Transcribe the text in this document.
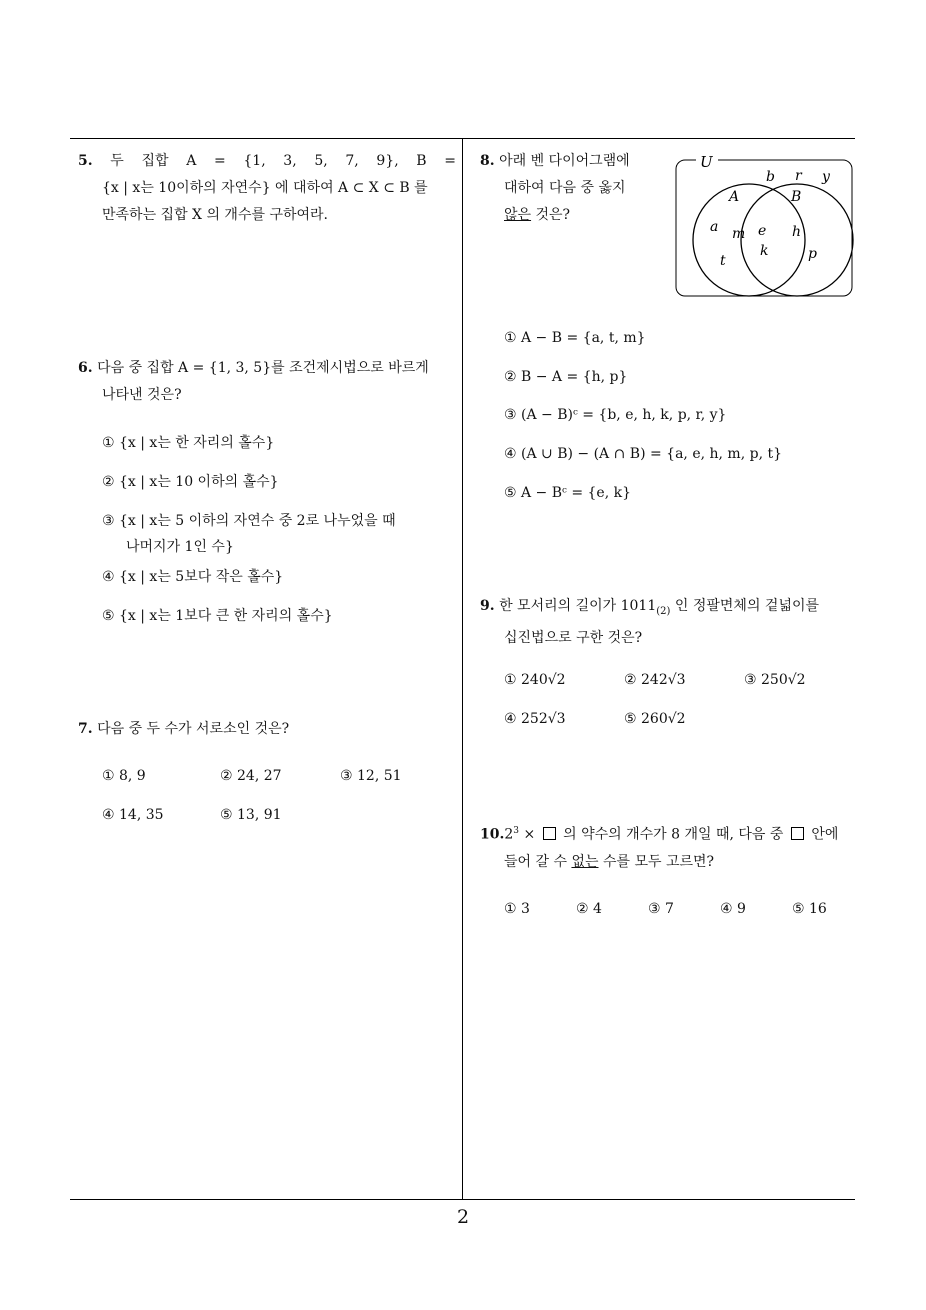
5. 두 집합 A = {1, 3, 5, 7, 9}, B =
{x | x는 10이하의 자연수} 에 대하여 A ⊂ X ⊂ B 를
만족하는 집합 X 의 개수를 구하여라.
6. 다음 중 집합 A = {1, 3, 5}를 조건제시법으로 바르게
나타낸 것은?
① {x | x는 한 자리의 홀수}
② {x | x는 10 이하의 홀수}
③ {x | x는 5 이하의 자연수 중 2로 나누었을 때
나머지가 1인 수}
④ {x | x는 5보다 작은 홀수}
⑤ {x | x는 1보다 큰 한 자리의 홀수}
7. 다음 중 두 수가 서로소인 것은?
① 8, 9	② 24, 27	③ 12, 51
④ 14, 35	⑤ 13, 91
8. 아래 벤 다이어그램에
대하여 다음 중 옳지
않은 것은?
U
A	B
b r y
a m
t
e
k
h
p
① A − B = {a, t, m}
② B − A = {h, p}
③ (A − B)ᶜ = {b, e, h, k, p, r, y}
④ (A ∪ B) − (A ∩ B) = {a, e, h, m, p, t}
⑤ A − Bᶜ = {e, k}
9. 한 모서리의 길이가 $1011_{(2)}$ 인 정팔면체의 겉넓이를
십진법으로 구한 것은?
① 240√2	② 242√3	③ 250√2
④ 252√3	⑤ 260√2
$10.2^3$ ×  의 약수의 개수가 8 개일 때, 다음 중  안에
들어 갈 수 없는 수를 모두 고르면?
① 3	② 4	③ 7	④ 9	⑤ 16
2
